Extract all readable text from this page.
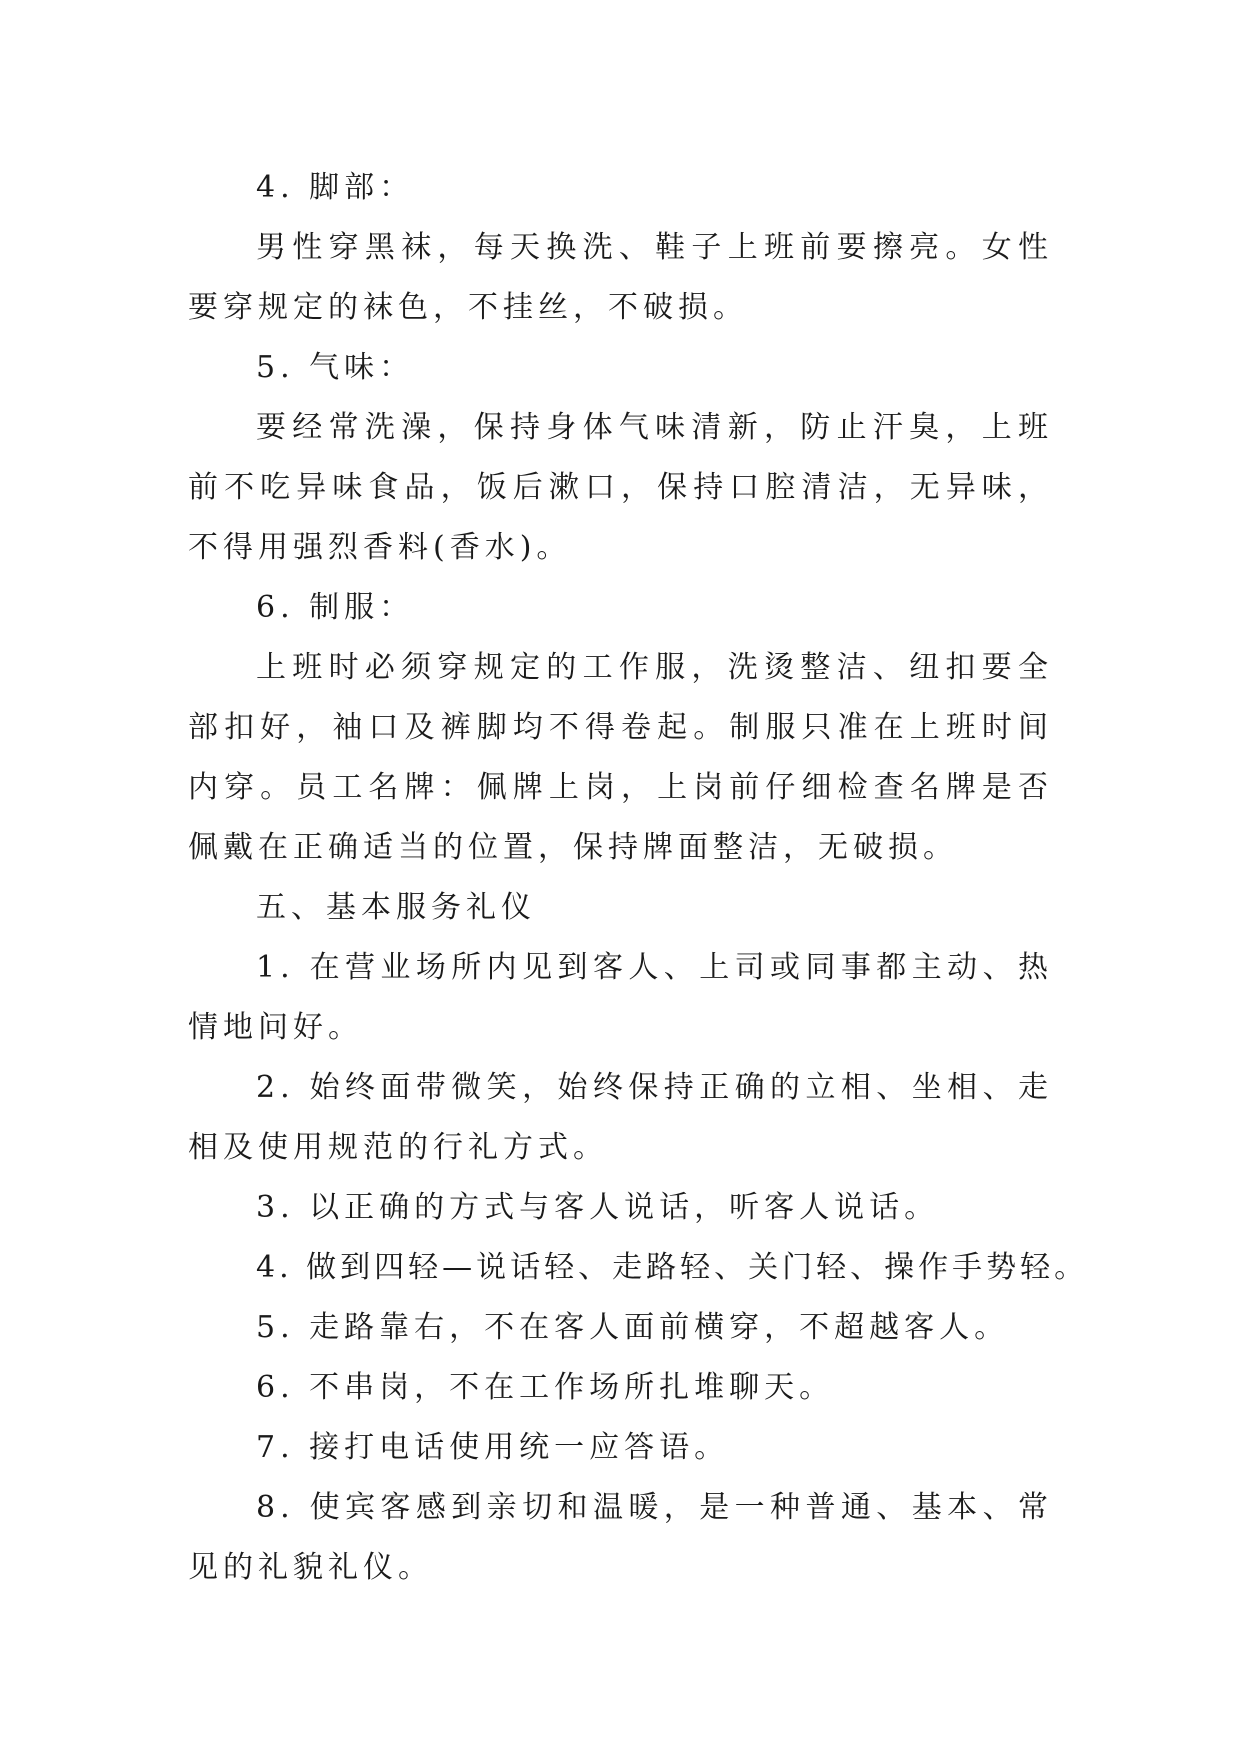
4. 脚部：

男性穿黑袜，每天换洗、鞋子上班前要擦亮。女性要穿规定的袜色，不挂丝，不破损。

5. 气味：

要经常洗澡，保持身体气味清新，防止汗臭，上班前不吃异味食品，饭后漱口，保持口腔清洁，无异味，不得用强烈香料(香水)。

6. 制服：

上班时必须穿规定的工作服，洗烫整洁、纽扣要全部扣好，袖口及裤脚均不得卷起。制服只准在上班时间内穿。员工名牌：佩牌上岗，上岗前仔细检查名牌是否佩戴在正确适当的位置，保持牌面整洁，无破损。

五、基本服务礼仪

1. 在营业场所内见到客人、上司或同事都主动、热情地问好。

2. 始终面带微笑，始终保持正确的立相、坐相、走相及使用规范的行礼方式。

3. 以正确的方式与客人说话，听客人说话。

4. 做到四轻—说话轻、走路轻、关门轻、操作手势轻。

5. 走路靠右，不在客人面前横穿，不超越客人。

6. 不串岗，不在工作场所扎堆聊天。

7. 接打电话使用统一应答语。

8. 使宾客感到亲切和温暖，是一种普通、基本、常见的礼貌礼仪。
